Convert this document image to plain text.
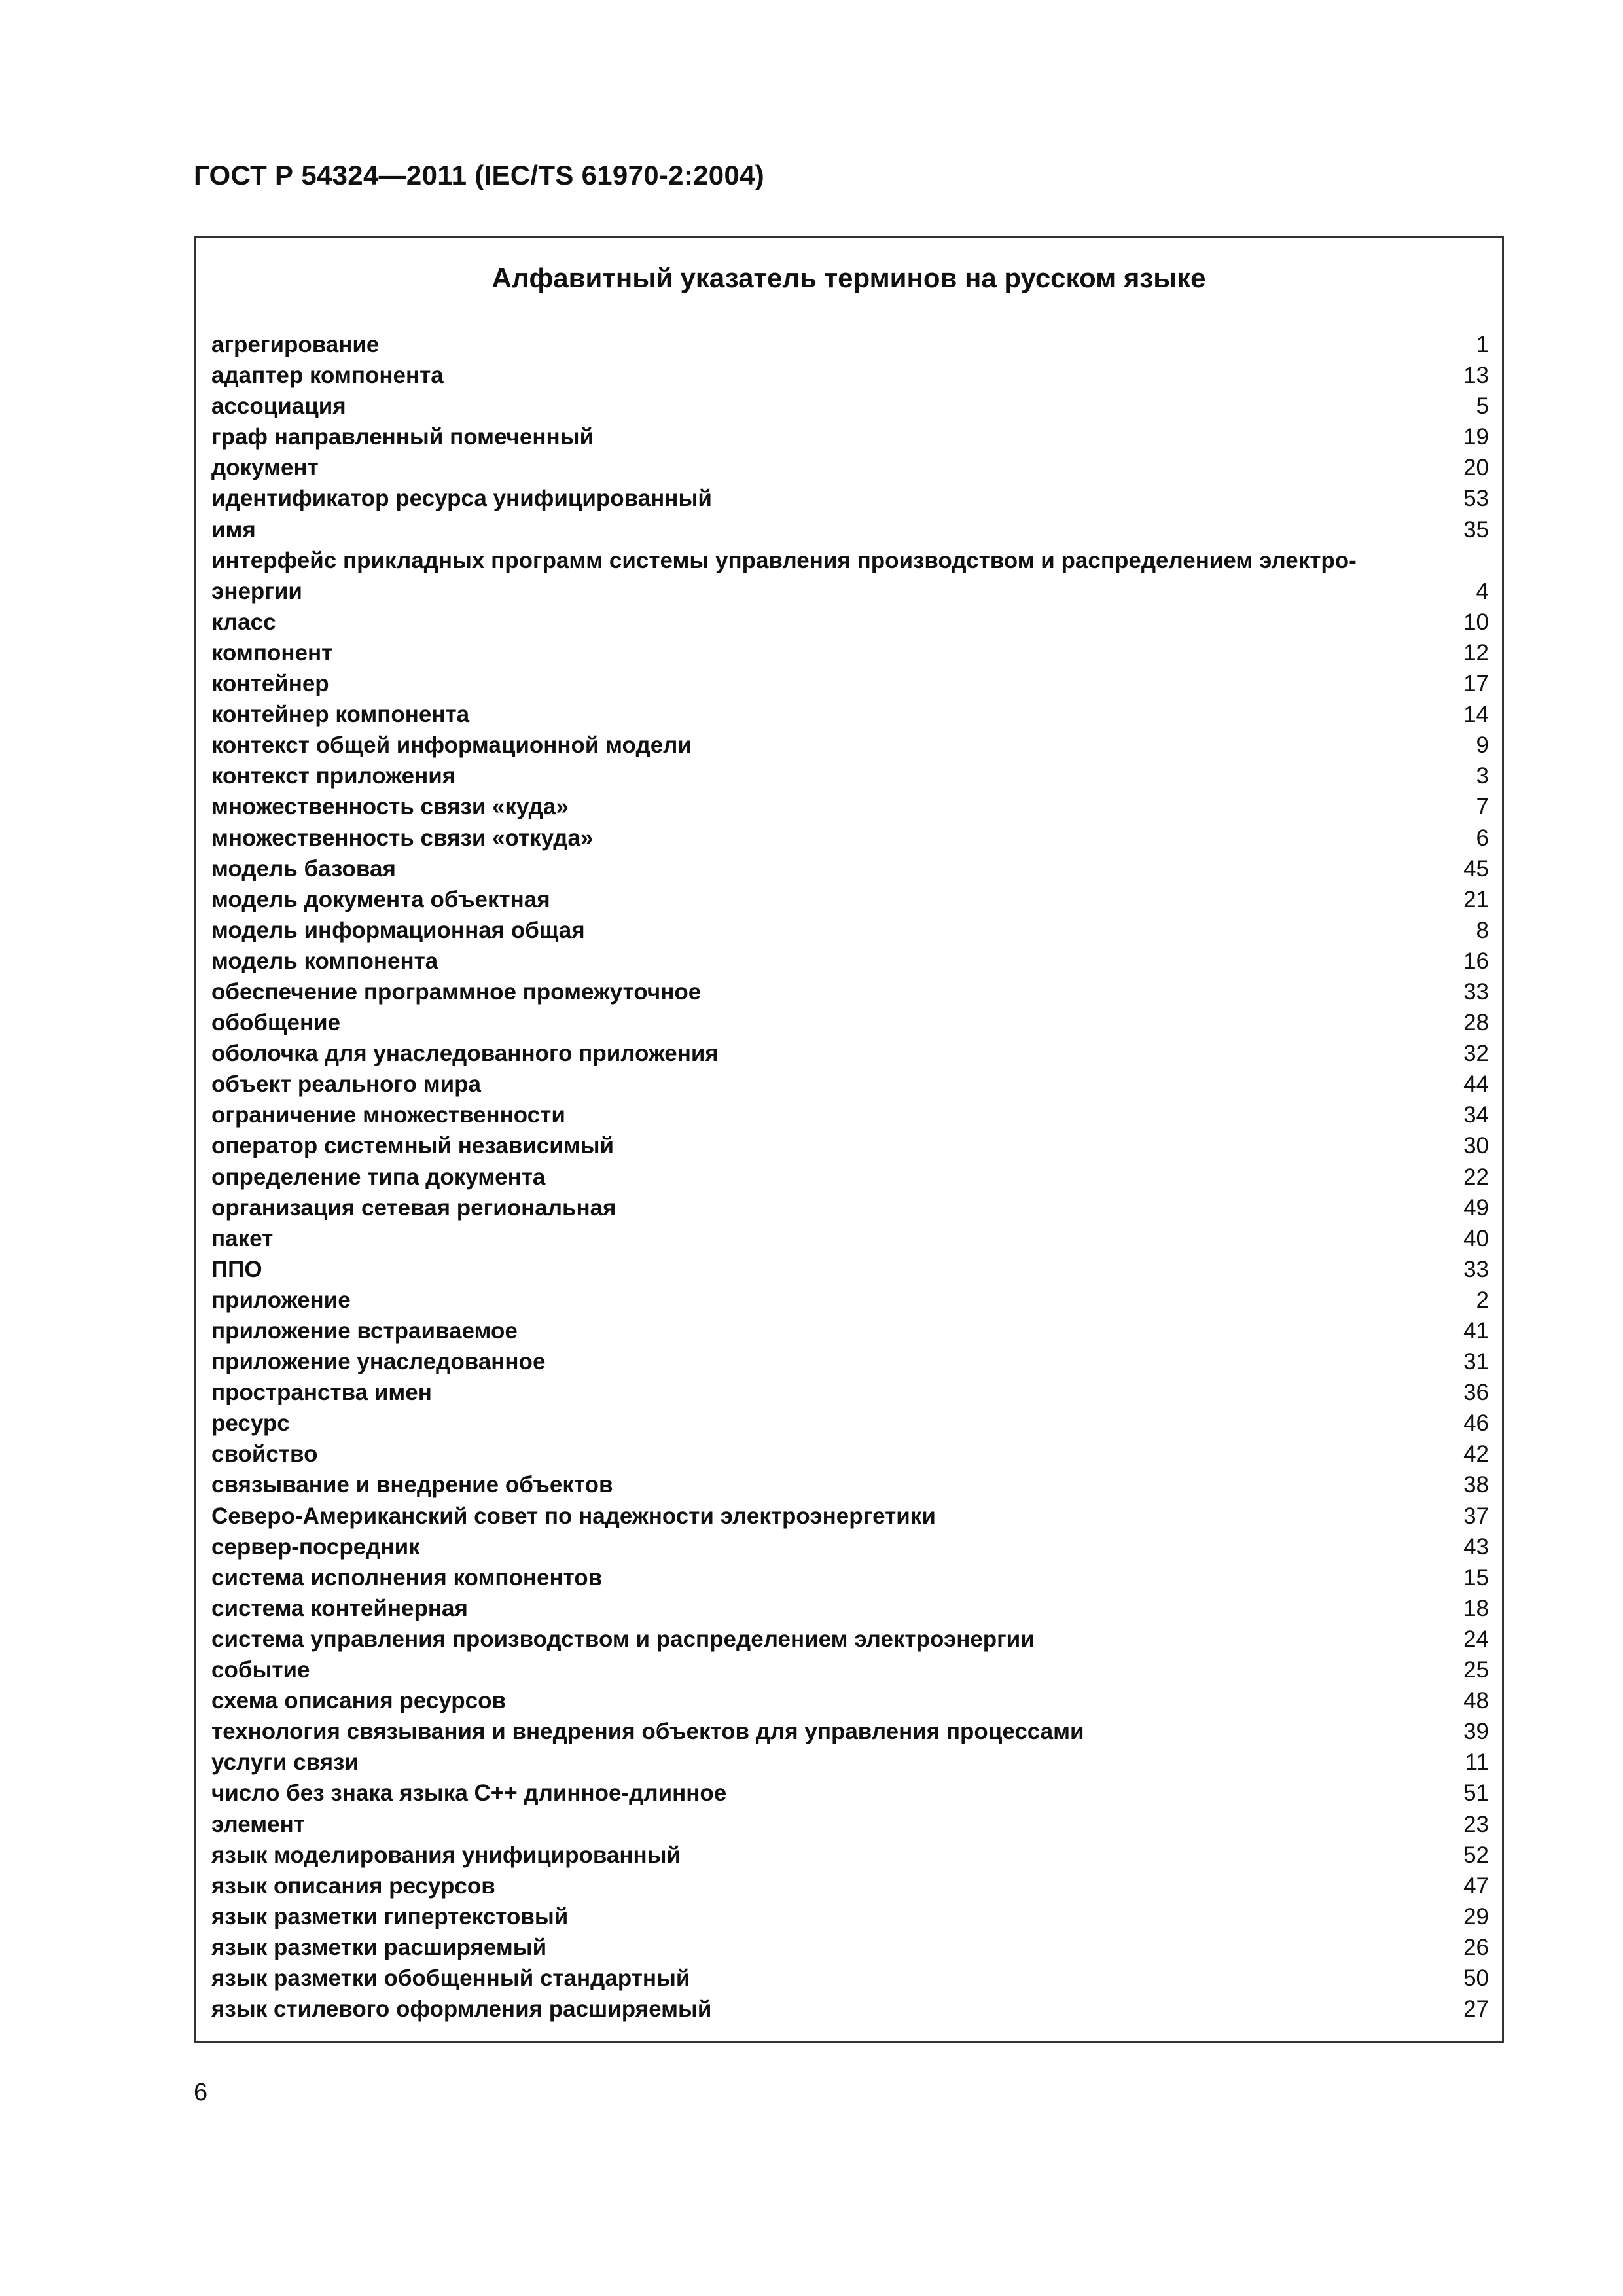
ГОСТ Р 54324—2011 (IEC/TS 61970-2:2004)
Алфавитный указатель терминов на русском языке
агрегирование	1
адаптер компонента	13
ассоциация	5
граф направленный помеченный	19
документ	20
идентификатор ресурса унифицированный	53
имя	35
интерфейс прикладных программ системы управления производством и распределением электро-
энергии	4
класс	10
компонент	12
контейнер	17
контейнер компонента	14
контекст общей информационной модели	9
контекст приложения	3
множественность связи «куда»	7
множественность связи «откуда»	6
модель базовая	45
модель документа объектная	21
модель информационная общая	8
модель компонента	16
обеспечение программное промежуточное	33
обобщение	28
оболочка для унаследованного приложения	32
объект реального мира	44
ограничение множественности	34
оператор системный независимый	30
определение типа документа	22
организация сетевая региональная	49
пакет	40
ППО	33
приложение	2
приложение встраиваемое	41
приложение унаследованное	31
пространства имен	36
ресурс	46
свойство	42
связывание и внедрение объектов	38
Северо-Американский совет по надежности электроэнергетики	37
сервер-посредник	43
система исполнения компонентов	15
система контейнерная	18
система управления производством и распределением электроэнергии	24
событие	25
схема описания ресурсов	48
технология связывания и внедрения объектов для управления процессами	39
услуги связи	11
число без знака языка С++ длинное-длинное	51
элемент	23
язык моделирования унифицированный	52
язык описания ресурсов	47
язык разметки гипертекстовый	29
язык разметки расширяемый	26
язык разметки обобщенный стандартный	50
язык стилевого оформления расширяемый	27
6
